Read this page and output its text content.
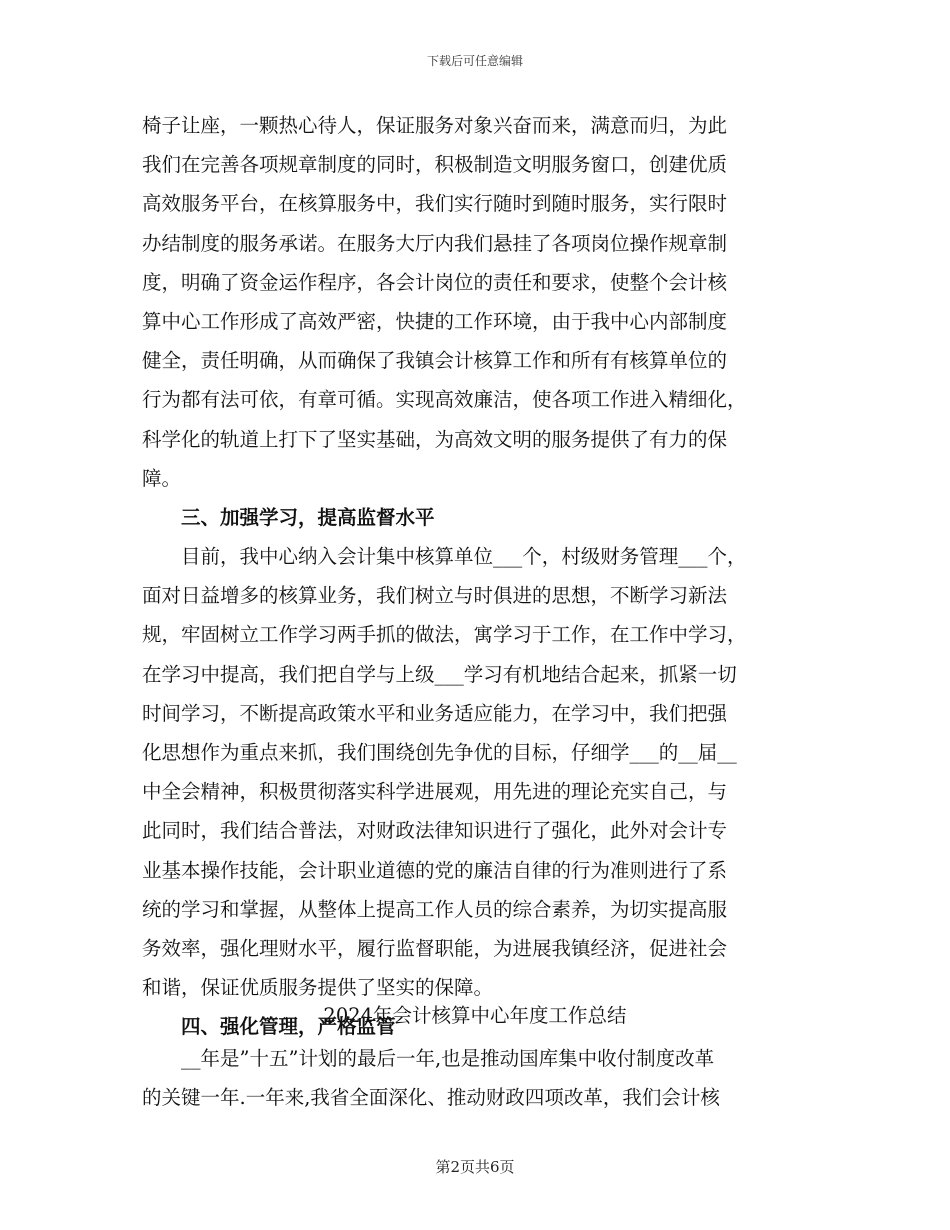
下载后可任意编辑
椅子让座，一颗热心待人，保证服务对象兴奋而来，满意而归，为此
我们在完善各项规章制度的同时，积极制造文明服务窗口，创建优质
高效服务平台，在核算服务中，我们实行随时到随时服务，实行限时
办结制度的服务承诺。在服务大厅内我们悬挂了各项岗位操作规章制
度，明确了资金运作程序，各会计岗位的责任和要求，使整个会计核
算中心工作形成了高效严密，快捷的工作环境，由于我中心内部制度
健全，责任明确，从而确保了我镇会计核算工作和所有有核算单位的
行为都有法可依，有章可循。实现高效廉洁，使各项工作进入精细化，
科学化的轨道上打下了坚实基础，为高效文明的服务提供了有力的保
障。
　　三、加强学习，提高监督水平
　　目前，我中心纳入会计集中核算单位___个，村级财务管理___个，
面对日益增多的核算业务，我们树立与时俱进的思想，不断学习新法
规，牢固树立工作学习两手抓的做法，寓学习于工作，在工作中学习，
在学习中提高，我们把自学与上级___学习有机地结合起来，抓紧一切
时间学习，不断提高政策水平和业务适应能力，在学习中，我们把强
化思想作为重点来抓，我们围绕创先争优的目标，仔细学___的__届__
中全会精神，积极贯彻落实科学进展观，用先进的理论充实自己，与
此同时，我们结合普法，对财政法律知识进行了强化，此外对会计专
业基本操作技能，会计职业道德的党的廉洁自律的行为准则进行了系
统的学习和掌握，从整体上提高工作人员的综合素养，为切实提高服
务效率，强化理财水平，履行监督职能，为进展我镇经济，促进社会
和谐，保证优质服务提供了坚实的保障。
　　四、强化管理，严格监管
2024年会计核算中心年度工作总结
　　__年是”十五”计划的最后一年,也是推动国库集中收付制度改革
的关键一年.一年来,我省全面深化、推动财政四项改革，我们会计核
第2页共6页
